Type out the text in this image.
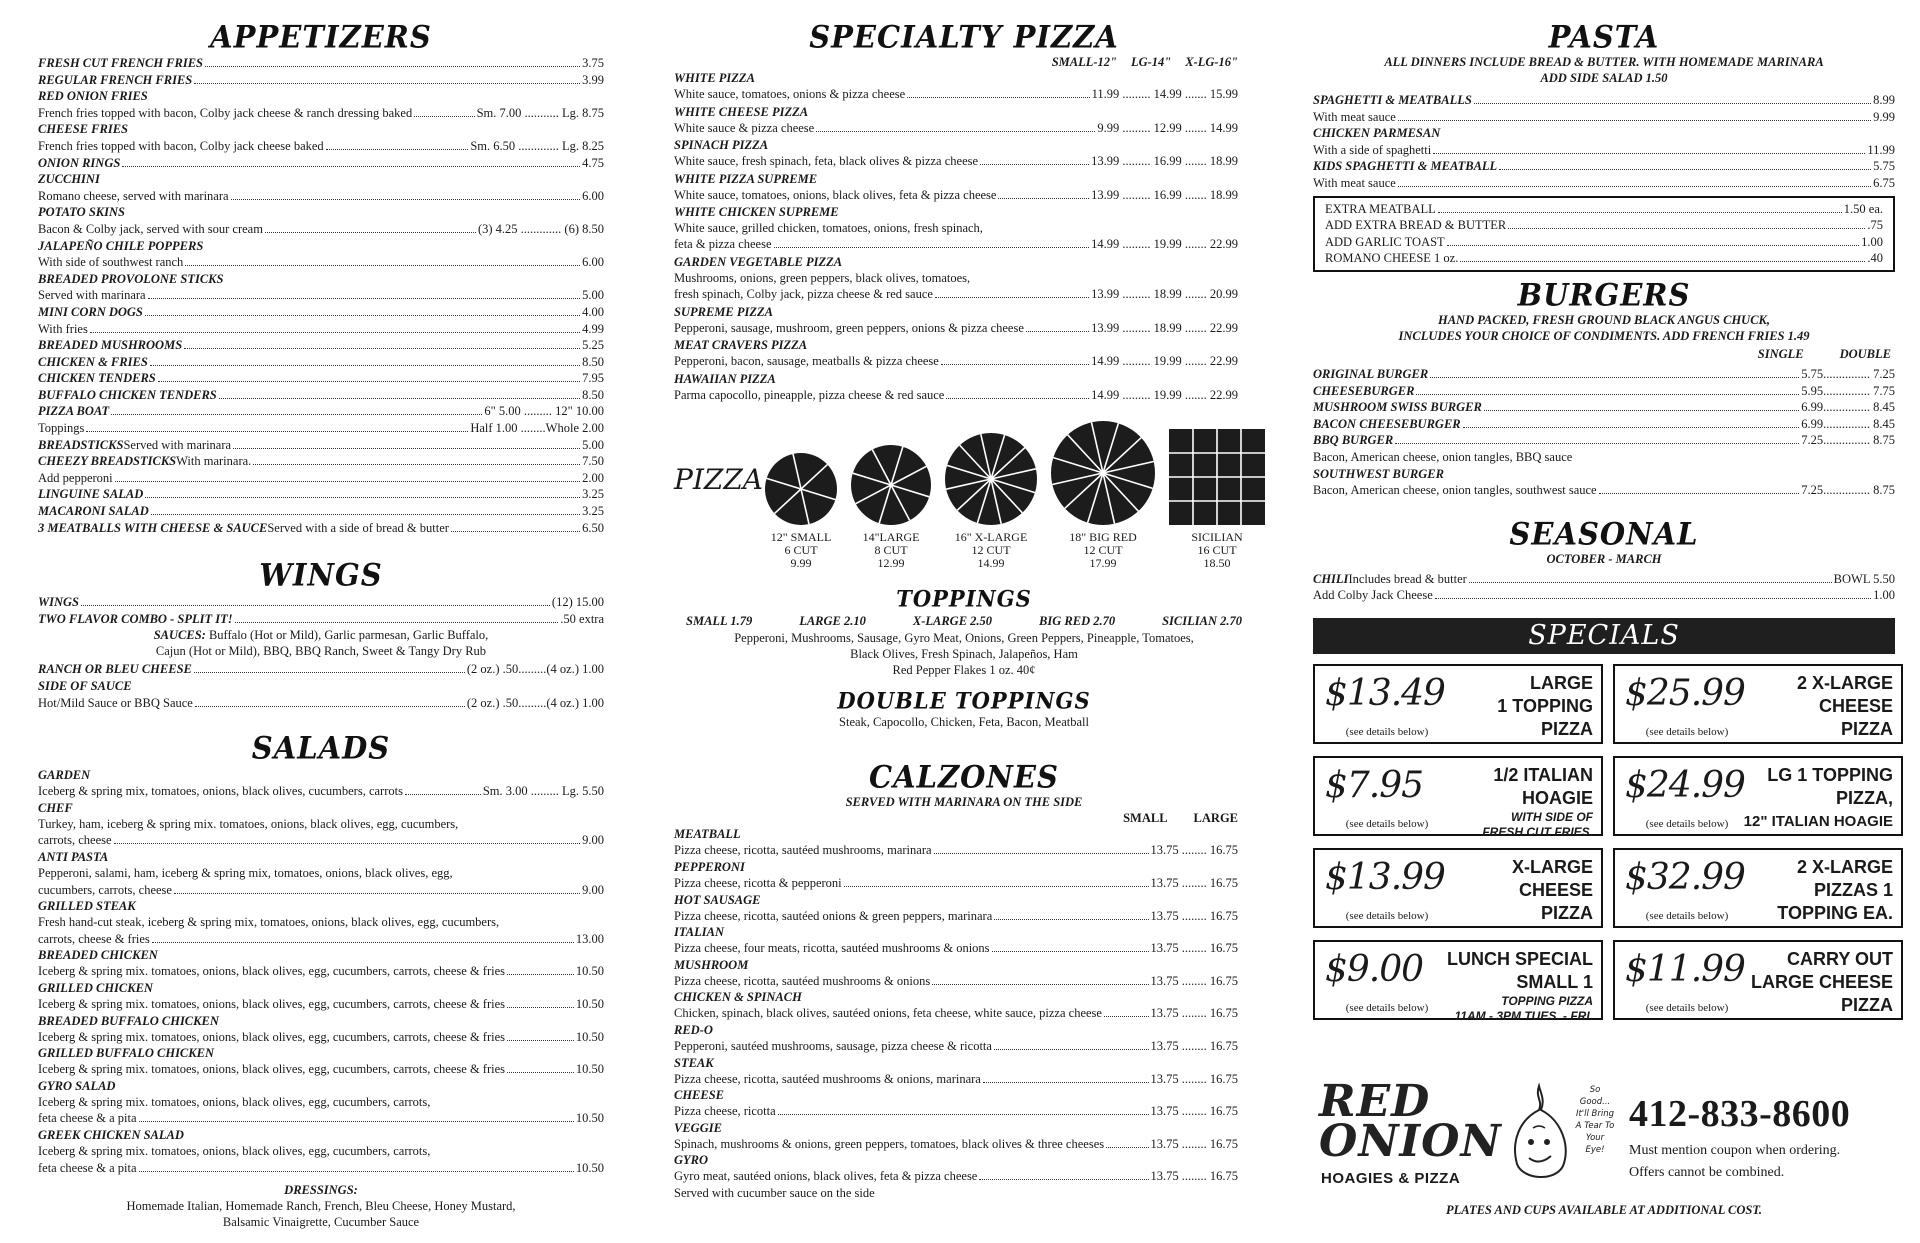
APPETIZERS
FRESH CUT FRENCH FRIES	3.75
REGULAR FRENCH FRIES	3.99
RED ONION FRIES
French fries topped with bacon, Colby jack cheese & ranch dressing baked	Sm. 7.00 ........... Lg. 8.75
CHEESE FRIES
French fries topped with bacon, Colby jack cheese baked	Sm. 6.50 ............. Lg. 8.25
ONION RINGS	4.75
ZUCCHINI
Romano cheese, served with marinara	6.00
POTATO SKINS
Bacon & Colby jack, served with sour cream	(3) 4.25 ............. (6) 8.50
JALAPEÑO CHILE POPPERS
With side of southwest ranch	6.00
BREADED PROVOLONE STICKS
Served with marinara	5.00
MINI CORN DOGS	4.00
With fries	4.99
BREADED MUSHROOMS	5.25
CHICKEN & FRIES	8.50
CHICKEN TENDERS	7.95
BUFFALO CHICKEN TENDERS	8.50
PIZZA BOAT	6" 5.00 ......... 12" 10.00
Toppings	Half 1.00 ........Whole 2.00
BREADSTICKS Served with marinara	5.00
CHEEZY BREADSTICKS With marinara.	7.50
Add pepperoni	2.00
LINGUINE SALAD	3.25
MACARONI SALAD	3.25
3 MEATBALLS WITH CHEESE & SAUCE Served with a side of bread & butter	6.50
WINGS
WINGS	(12) 15.00
TWO FLAVOR COMBO - SPLIT IT!	.50 extra
SAUCES: Buffalo (Hot or Mild), Garlic parmesan, Garlic Buffalo,
Cajun (Hot or Mild), BBQ, BBQ Ranch, Sweet & Tangy Dry Rub
RANCH OR BLEU CHEESE	(2 oz.) .50.........(4 oz.) 1.00
SIDE OF SAUCE
Hot/Mild Sauce or BBQ Sauce	(2 oz.) .50.........(4 oz.) 1.00
SALADS
GARDEN
Iceberg & spring mix, tomatoes, onions, black olives, cucumbers, carrots	Sm. 3.00 ......... Lg. 5.50
CHEF
Turkey, ham, iceberg & spring mix. tomatoes, onions, black olives, egg, cucumbers,
carrots, cheese	9.00
ANTI PASTA
Pepperoni, salami, ham, iceberg & spring mix, tomatoes, onions, black olives, egg,
cucumbers, carrots, cheese	9.00
GRILLED STEAK
Fresh hand-cut steak, iceberg & spring mix, tomatoes, onions, black olives, egg, cucumbers,
carrots, cheese & fries	13.00
BREADED CHICKEN
Iceberg & spring mix. tomatoes, onions, black olives, egg, cucumbers, carrots, cheese & fries	10.50
GRILLED CHICKEN
Iceberg & spring mix. tomatoes, onions, black olives, egg, cucumbers, carrots, cheese & fries	10.50
BREADED BUFFALO CHICKEN
Iceberg & spring mix. tomatoes, onions, black olives, egg, cucumbers, carrots, cheese & fries	10.50
GRILLED BUFFALO CHICKEN
Iceberg & spring mix. tomatoes, onions, black olives, egg, cucumbers, carrots, cheese & fries	10.50
GYRO SALAD
Iceberg & spring mix. tomatoes, onions, black olives, egg, cucumbers, carrots,
feta cheese & a pita	10.50
GREEK CHICKEN SALAD
Iceberg & spring mix. tomatoes, onions, black olives, egg, cucumbers, carrots,
feta cheese & a pita	10.50
DRESSINGS:
Homemade Italian, Homemade Ranch, French, Bleu Cheese, Honey Mustard,
Balsamic Vinaigrette, Cucumber Sauce
SPECIALTY PIZZA
SMALL-12" LG-14" X-LG-16"
WHITE PIZZA
White sauce, tomatoes, onions & pizza cheese	11.99 ......... 14.99 ....... 15.99
WHITE CHEESE PIZZA
White sauce & pizza cheese	9.99 ......... 12.99 ....... 14.99
SPINACH PIZZA
White sauce, fresh spinach, feta, black olives & pizza cheese	13.99 ......... 16.99 ....... 18.99
WHITE PIZZA SUPREME
White sauce, tomatoes, onions, black olives, feta & pizza cheese	13.99 ......... 16.99 ....... 18.99
WHITE CHICKEN SUPREME
White sauce, grilled chicken, tomatoes, onions, fresh spinach,
feta & pizza cheese	14.99 ......... 19.99 ....... 22.99
GARDEN VEGETABLE PIZZA
Mushrooms, onions, green peppers, black olives, tomatoes,
fresh spinach, Colby jack, pizza cheese & red sauce	13.99 ......... 18.99 ....... 20.99
SUPREME PIZZA
Pepperoni, sausage, mushroom, green peppers, onions & pizza cheese	13.99 ......... 18.99 ....... 22.99
MEAT CRAVERS PIZZA
Pepperoni, bacon, sausage, meatballs & pizza cheese	14.99 ......... 19.99 ....... 22.99
HAWAIIAN PIZZA
Parma capocollo, pineapple, pizza cheese & red sauce	14.99 ......... 19.99 ....... 22.99
PIZZA
12" SMALL
6 CUT
9.99
14"LARGE
8 CUT
12.99
16" X-LARGE
12 CUT
14.99
18" BIG RED
12 CUT
17.99
SICILIAN
16 CUT
18.50
TOPPINGS
SMALL 1.79	LARGE 2.10	X-LARGE 2.50	BIG RED 2.70	SICILIAN 2.70
Pepperoni, Mushrooms, Sausage, Gyro Meat, Onions, Green Peppers, Pineapple, Tomatoes,
Black Olives, Fresh Spinach, Jalapeños, Ham
Red Pepper Flakes 1 oz. 40¢
DOUBLE TOPPINGS
Steak, Capocollo, Chicken, Feta, Bacon, Meatball
CALZONES
SERVED WITH MARINARA ON THE SIDE
SMALL LARGE
MEATBALL
Pizza cheese, ricotta, sautéed mushrooms, marinara	13.75 ........ 16.75
PEPPERONI
Pizza cheese, ricotta & pepperoni	13.75 ........ 16.75
HOT SAUSAGE
Pizza cheese, ricotta, sautéed onions & green peppers, marinara	13.75 ........ 16.75
ITALIAN
Pizza cheese, four meats, ricotta, sautéed mushrooms & onions	13.75 ........ 16.75
MUSHROOM
Pizza cheese, ricotta, sautéed mushrooms & onions	13.75 ........ 16.75
CHICKEN & SPINACH
Chicken, spinach, black olives, sautéed onions, feta cheese, white sauce, pizza cheese	13.75 ........ 16.75
RED-O
Pepperoni, sautéed mushrooms, sausage, pizza cheese & ricotta	13.75 ........ 16.75
STEAK
Pizza cheese, ricotta, sautéed mushrooms & onions, marinara	13.75 ........ 16.75
CHEESE
Pizza cheese, ricotta	13.75 ........ 16.75
VEGGIE
Spinach, mushrooms & onions, green peppers, tomatoes, black olives & three cheeses	13.75 ........ 16.75
GYRO
Gyro meat, sautéed onions, black olives, feta & pizza cheese	13.75 ........ 16.75
Served with cucumber sauce on the side
PASTA
ALL DINNERS INCLUDE BREAD & BUTTER. WITH HOMEMADE MARINARA
ADD SIDE SALAD 1.50
SPAGHETTI & MEATBALLS	8.99
With meat sauce	9.99
CHICKEN PARMESAN
With a side of spaghetti	11.99
KIDS SPAGHETTI & MEATBALL	5.75
With meat sauce	6.75
EXTRA MEATBALL	1.50 ea.
ADD EXTRA BREAD & BUTTER	.75
ADD GARLIC TOAST	1.00
ROMANO CHEESE 1 oz.	.40
BURGERS
HAND PACKED, FRESH GROUND BLACK ANGUS CHUCK,
INCLUDES YOUR CHOICE OF CONDIMENTS. ADD FRENCH FRIES 1.49
SINGLE	DOUBLE
ORIGINAL BURGER	5.75............... 7.25
CHEESEBURGER	5.95............... 7.75
MUSHROOM SWISS BURGER	6.99............... 8.45
BACON CHEESEBURGER	6.99............... 8.45
BBQ BURGER	7.25............... 8.75
Bacon, American cheese, onion tangles, BBQ sauce
SOUTHWEST BURGER
Bacon, American cheese, onion tangles, southwest sauce	7.25............... 8.75
SEASONAL
OCTOBER - MARCH
CHILI Includes bread & butter	BOWL 5.50
Add Colby Jack Cheese	1.00
SPECIALS
$13.49
(see details below)
LARGE
1 TOPPING
PIZZA
$25.99
(see details below)
2 X-LARGE
CHEESE
PIZZA
$7.95
(see details below)
1/2 ITALIAN
HOAGIE
WITH SIDE OF
FRESH CUT FRIES.
$24.99
(see details below)
LG 1 TOPPING
PIZZA,
12" ITALIAN HOAGIE
$13.99
(see details below)
X-LARGE
CHEESE
PIZZA
$32.99
(see details below)
2 X-LARGE
PIZZAS 1
TOPPING EA.
$9.00
(see details below)
LUNCH SPECIAL
SMALL 1
TOPPING PIZZA
11AM - 3PM TUES. - FRI.
$11.99
(see details below)
CARRY OUT
LARGE CHEESE
PIZZA
RED
ONION
HOAGIES & PIZZA
So Good... It'll Bring A Tear To Your Eye!
412-833-8600
Must mention coupon when ordering.
Offers cannot be combined.
PLATES AND CUPS AVAILABLE AT ADDITIONAL COST.
